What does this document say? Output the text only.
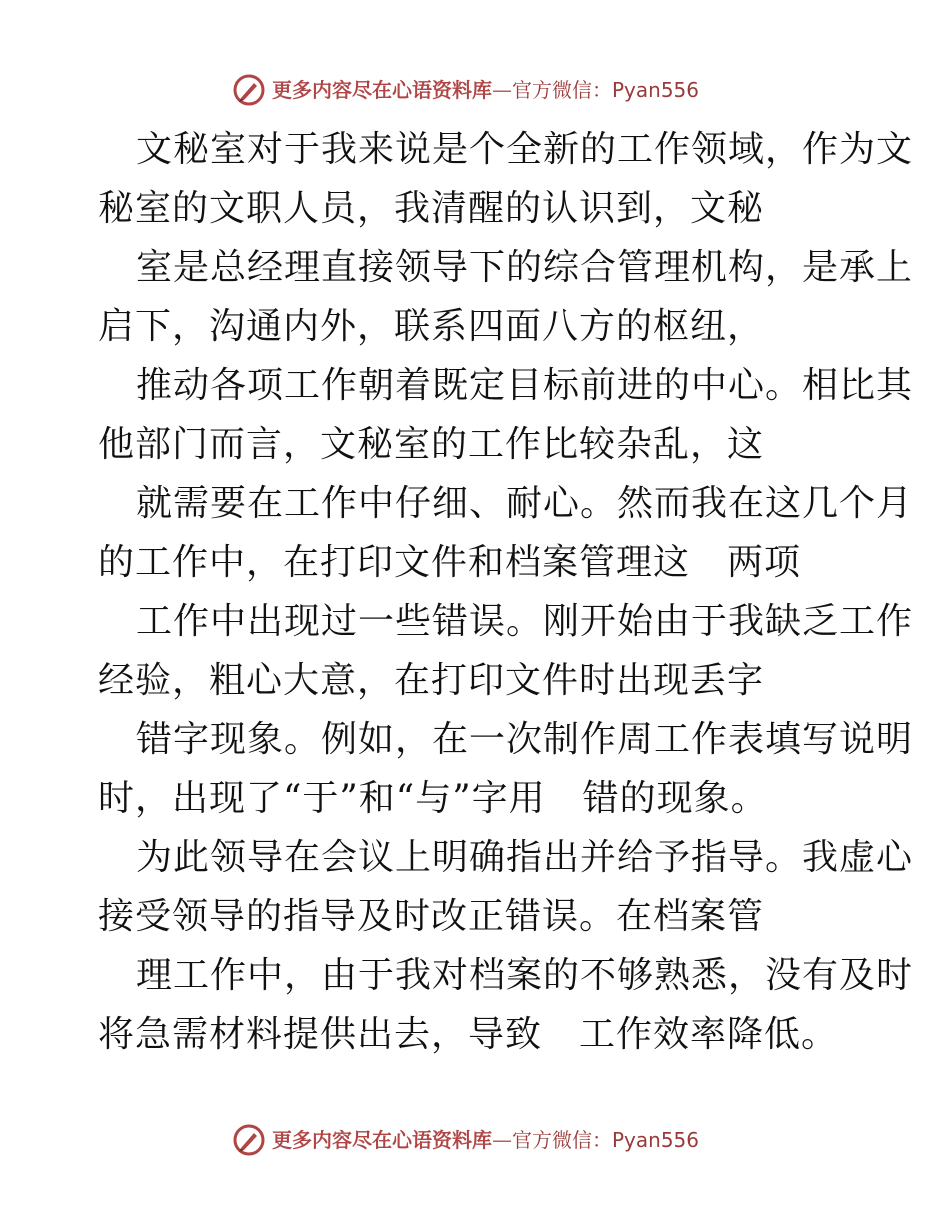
更多内容尽在心语资料库—官方微信：Pyan556
文秘室对于我来说是个全新的工作领域，作为文
秘室的文职人员，我清醒的认识到，文秘
室是总经理直接领导下的综合管理机构，是承上
启下，沟通内外，联系四面八方的枢纽，
推动各项工作朝着既定目标前进的中心。相比其
他部门而言，文秘室的工作比较杂乱，这
就需要在工作中仔细、耐心。然而我在这几个月
的工作中，在打印文件和档案管理这　两项
工作中出现过一些错误。刚开始由于我缺乏工作
经验，粗心大意，在打印文件时出现丢字
错字现象。例如，在一次制作周工作表填写说明
时，出现了“于”和“与”字用　错的现象。
为此领导在会议上明确指出并给予指导。我虚心
接受领导的指导及时改正错误。在档案管
理工作中，由于我对档案的不够熟悉，没有及时
将急需材料提供出去，导致　工作效率降低。
更多内容尽在心语资料库—官方微信：Pyan556
